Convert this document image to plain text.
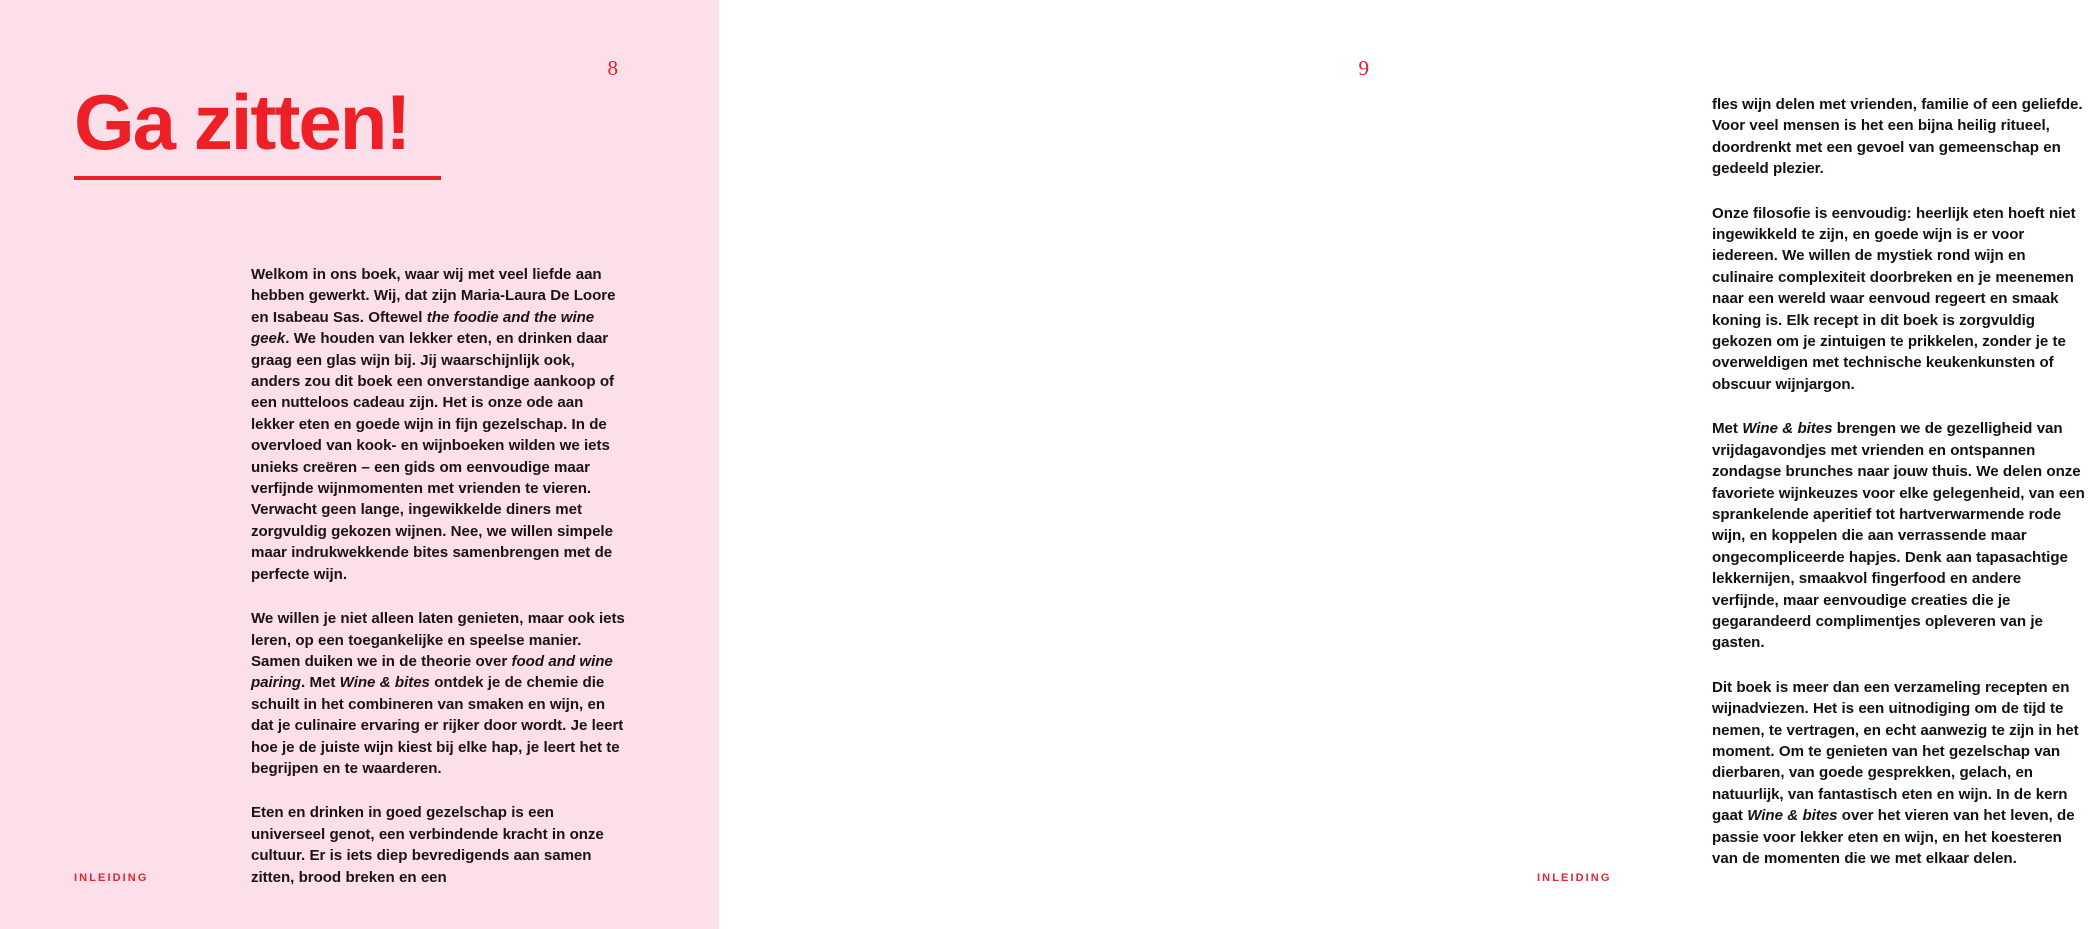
8
Ga zitten!

Welkom in ons boek, waar wij met veel liefde aan hebben gewerkt. Wij, dat zijn Maria-Laura De Loore en Isabeau Sas. Oftewel the foodie and the wine geek. We houden van lekker eten, en drinken daar graag een glas wijn bij. Jij waarschijnlijk ook, anders zou dit boek een onverstandige aankoop of een nutteloos cadeau zijn. Het is onze ode aan lekker eten en goede wijn in fijn gezelschap. In de overvloed van kook- en wijnboeken wilden we iets unieks creëren – een gids om eenvoudige maar verfijnde wijnmomenten met vrienden te vieren. Verwacht geen lange, ingewikkelde diners met zorgvuldig gekozen wijnen. Nee, we willen simpele maar indrukwekkende bites samenbrengen met de perfecte wijn.

We willen je niet alleen laten genieten, maar ook iets leren, op een toegankelijke en speelse manier. Samen duiken we in de theorie over food and wine pairing. Met Wine & bites ontdek je de chemie die schuilt in het combineren van smaken en wijn, en dat je culinaire ervaring er rijker door wordt. Je leert hoe je de juiste wijn kiest bij elke hap, je leert het te begrijpen en te waarderen.

Eten en drinken in goed gezelschap is een universeel genot, een verbindende kracht in onze cultuur. Er is iets diep bevredigends aan samen zitten, brood breken en een

INLEIDING
9

fles wijn delen met vrienden, familie of een geliefde. Voor veel mensen is het een bijna heilig ritueel, doordrenkt met een gevoel van gemeenschap en gedeeld plezier.

Onze filosofie is eenvoudig: heerlijk eten hoeft niet ingewikkeld te zijn, en goede wijn is er voor iedereen. We willen de mystiek rond wijn en culinaire complexiteit doorbreken en je meenemen naar een wereld waar eenvoud regeert en smaak koning is. Elk recept in dit boek is zorgvuldig gekozen om je zintuigen te prikkelen, zonder je te overweldigen met technische keukenkunsten of obscuur wijnjargon.

Met Wine & bites brengen we de gezelligheid van vrijdagavondjes met vrienden en ontspannen zondagse brunches naar jouw thuis. We delen onze favoriete wijnkeuzes voor elke gelegenheid, van een sprankelende aperitief tot hartverwarmende rode wijn, en koppelen die aan verrassende maar ongecompliceerde hapjes. Denk aan tapasachtige lekkernijen, smaakvol fingerfood en andere verfijnde, maar eenvoudige creaties die je gegarandeerd complimentjes opleveren van je gasten.

Dit boek is meer dan een verzameling recepten en wijnadviezen. Het is een uitnodiging om de tijd te nemen, te vertragen, en echt aanwezig te zijn in het moment. Om te genieten van het gezelschap van dierbaren, van goede gesprekken, gelach, en natuurlijk, van fantastisch eten en wijn. In de kern gaat Wine & bites over het vieren van het leven, de passie voor lekker eten en wijn, en het koesteren van de momenten die we met elkaar delen.

INLEIDING
